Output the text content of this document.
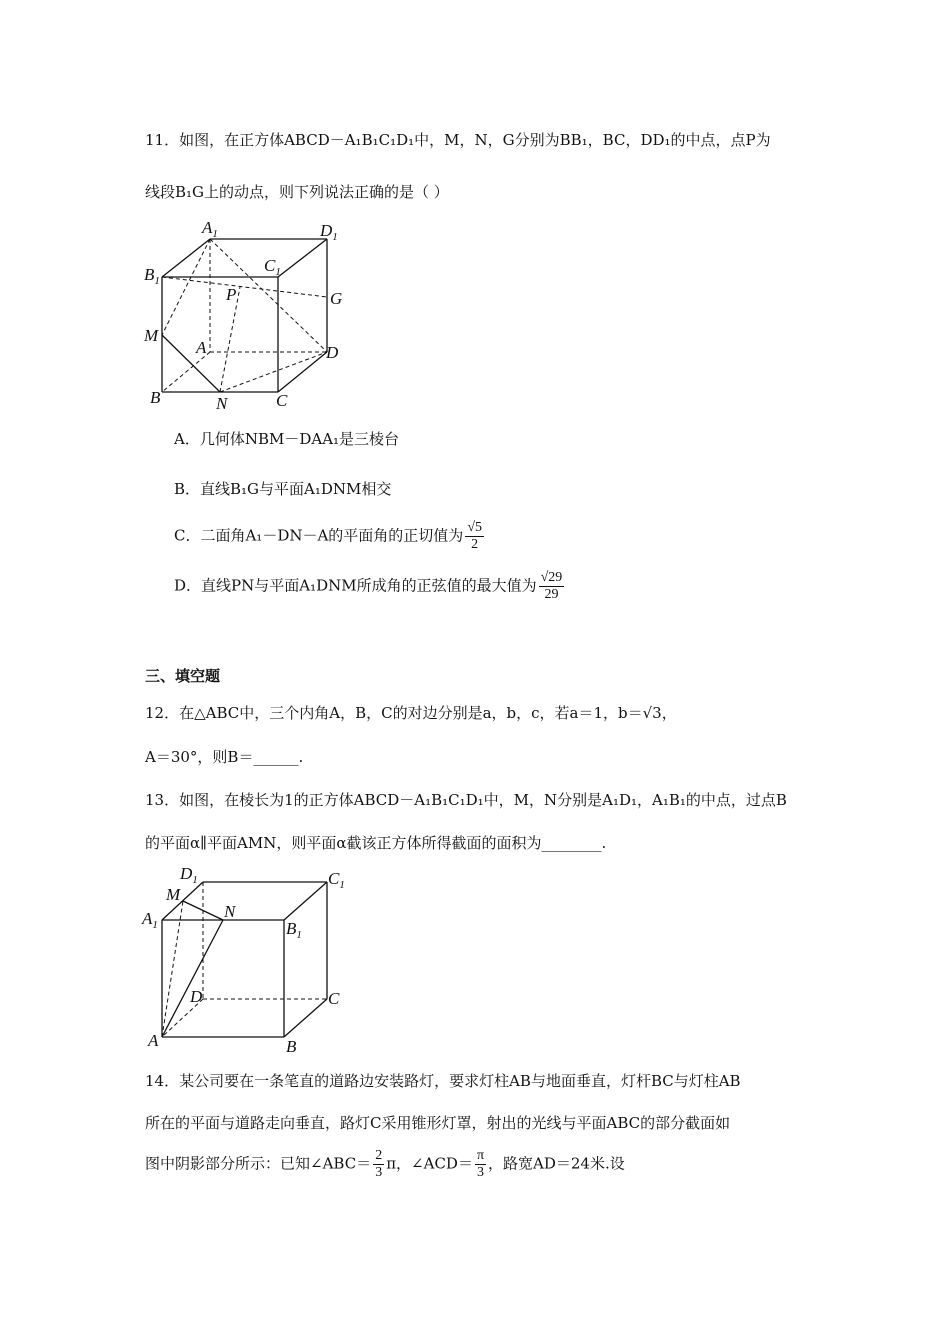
11．如图，在正方体ABCD－A₁B₁C₁D₁中，M，N，G分别为BB₁，BC，DD₁的中点，点P为
线段B₁G上的动点，则下列说法正确的是（ ）
$A_1$	$D_1$
$B_1$
$C_1$
P	G
M
A	D
B	N	C
A．几何体NBM－DAA₁是三棱台
B．直线B₁G与平面A₁DNM相交
C．二面角A₁－DN－A的平面角的正切值为 $\frac{√5}{2}$
D．直线PN与平面A₁DNM所成角的正弦值的最大值为 $\frac{√29}{29}$
三、填空题
12．在△ABC中，三个内角A，B，C的对边分别是a，b，c，若a＝1，b＝√3，
A＝30°，则B＝______.
13．如图，在棱长为1的正方体ABCD－A₁B₁C₁D₁中，M，N分别是A₁D₁，A₁B₁的中点，过点B
的平面α∥平面AMN，则平面α截该正方体所得截面的面积为________.
$D_1$	$C_1$
M
$A_1$
N
$B_1$
D	C
A	B
14．某公司要在一条笔直的道路边安装路灯，要求灯柱AB与地面垂直，灯杆BC与灯柱AB
所在的平面与道路走向垂直，路灯C采用锥形灯罩，射出的光线与平面ABC的部分截面如
图中阴影部分所示：已知∠ABC＝ $\frac{2}{3}$ π，∠ACD＝ $\frac{\pi}{3}$ ，路宽AD＝24米.设
